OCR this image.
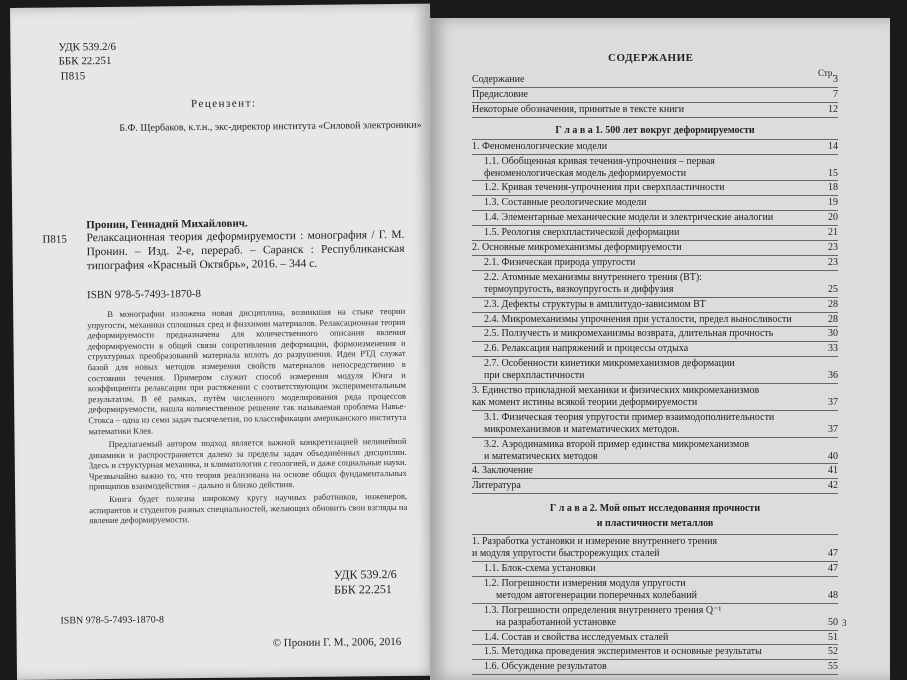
УДК 539.2/6
ББК 22.251
П815
Рецензент:
Б.Ф. Щербаков, к.т.н., экс-директор института «Силовой электроники»
Пронин, Геннадий Михайлович.
П815 Релаксационная теория деформируемости : монография / Г. М. Пронин. – Изд. 2-е, перераб. – Саранск : Республиканская типография «Красный Октябрь», 2016. – 344 с.
ISBN 978-5-7493-1870-8
В монографии изложена новая дисциплина, возникшая на стыке теории упругости, механики сплошных сред и физхимии материалов. Релаксационная теория деформируемости предназначена для количественного описания явления деформируемости в общей связи сопротивления деформации, формоизменения и структурных преобразований материала вплоть до разрушения. Идеи РТД служат базой для новых методов измерения свойств материалов непосредственно в состоянии течения. Примером служит способ измерения модуля Юнга и коэффициента релаксации при растяжении с соответствующим экспериментальным результатом. В её рамках, путём численного моделирования ряда процессов деформируемости, нашла количественное решение так называемая проблема Навье-Стокса – одна из семи задач тысячелетия, по классификации американского института математики Клея.
Предлагаемый автором подход является важной конкретизацией нелинейной динамики и распространяется далеко за пределы задач объединённых дисциплин. Здесь и структурная механика, и климатология с геологией, и даже социальные науки. Чрезвычайно важно то, что теория реализована на основе общих фундаментальных принципов взаимодействия – дально и близко действия.
Книга будет полезна широкому кругу научных работников, инженеров, аспирантов и студентов разных специальностей, желающих обновить свои взгляды на явление деформируемости.
УДК 539.2/6
ББК 22.251
ISBN 978-5-7493-1870-8
© Пронин Г. М., 2006, 2016
СОДЕРЖАНИЕ
Стр.
Содержание	3
Предисловие	7
Некоторые обозначения, принятые в тексте книги	12
Г л а в а 1. 500 лет вокруг деформируемости
1. Феноменологические модели	14
1.1. Обобщенная кривая течения-упрочнения – первая
феноменологическая модель деформируемости	15
1.2. Кривая течения-упрочнения при сверхпластичности	18
1.3. Составные реологические модели	19
1.4. Элементарные механические модели и электрические аналогии	20
1.5. Реология сверхпластической деформации	21
2. Основные микромеханизмы деформируемости	23
2.1. Физическая природа упругости	23
2.2. Атомные механизмы внутреннего трения (ВТ):
термоупругость, вязкоупругость и диффузия	25
2.3. Дефекты структуры в амплитудо-зависимом ВТ	28
2.4. Микромеханизмы упрочнения при усталости, предел выносливости	28
2.5. Ползучесть и микромеханизмы возврата, длительная прочность	30
2.6. Релаксация напряжений и процессы отдыха	33
2.7. Особенности кинетики микромеханизмов деформации
при сверхпластичности	36
3. Единство прикладной механики и физических микромеханизмов
как момент истины всякой теории деформируемости	37
3.1. Физическая теория упругости пример взаимодополнительности
микромеханизмов и математических методов.	37
3.2. Аэродинамика второй пример единства микромеханизмов
и математических методов	40
4. Заключение	41
Литература	42
Г л а в а 2. Мой опыт исследования прочности
и пластичности металлов
1. Разработка установки и измерение внутреннего трения
и модуля упругости быстрорежущих сталей	47
1.1. Блок-схема установки	47
1.2. Погрешности измерения модуля упругости
методом автогенерации поперечных колебаний	48
1.3. Погрешности определения внутреннего трения Q⁻¹
на разработанной установке	50
1.4. Состав и свойства исследуемых сталей	51
1.5. Методика проведения экспериментов и основные результаты	52
1.6. Обсуждение результатов	55
3
